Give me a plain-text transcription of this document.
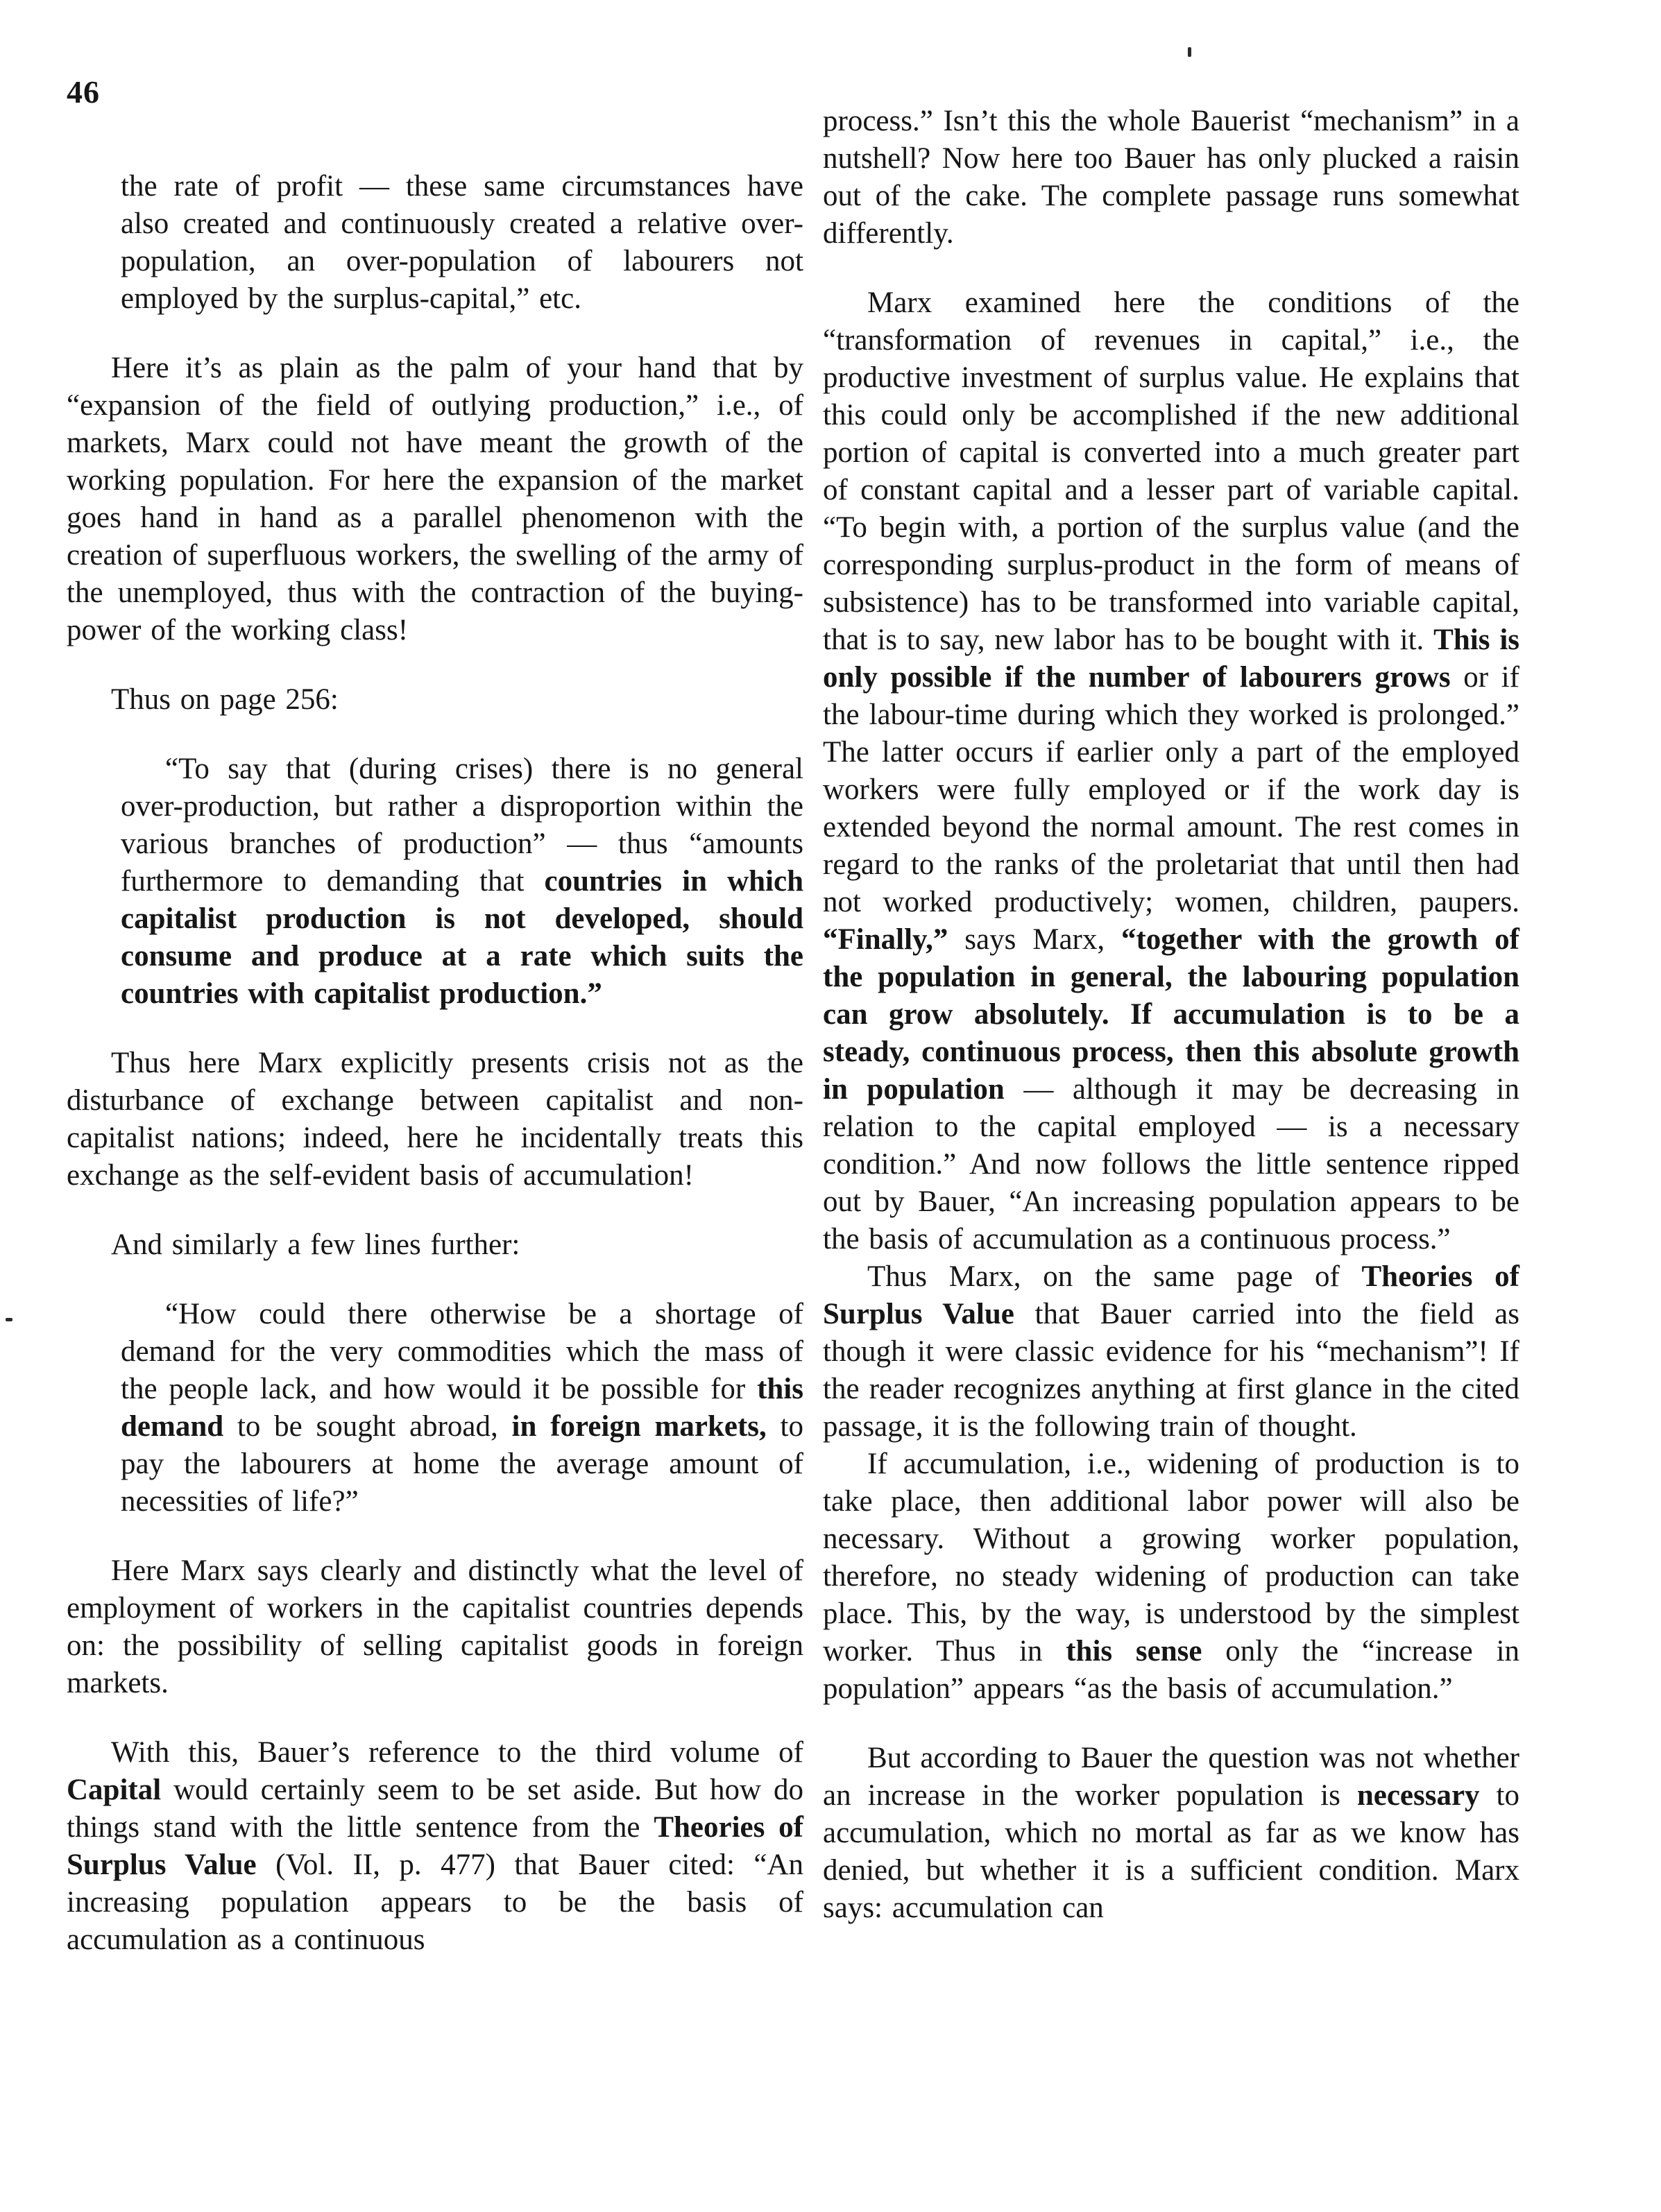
46
the rate of profit — these same circumstances have also created and continuously created a relative over-population, an over-population of labourers not employed by the surplus-capital,” etc.
Here it’s as plain as the palm of your hand that by “expansion of the field of outlying production,” i.e., of markets, Marx could not have meant the growth of the working population. For here the expansion of the market goes hand in hand as a parallel phenomenon with the creation of superfluous workers, the swelling of the army of the unemployed, thus with the contraction of the buying-power of the working class!
Thus on page 256:
“To say that (during crises) there is no general over-production, but rather a disproportion within the various branches of production” — thus “amounts furthermore to demanding that countries in which capitalist production is not developed, should consume and produce at a rate which suits the countries with capitalist production.”
Thus here Marx explicitly presents crisis not as the disturbance of exchange between capitalist and non-capitalist nations; indeed, here he incidentally treats this exchange as the self-evident basis of accumulation!
And similarly a few lines further:
“How could there otherwise be a shortage of demand for the very commodities which the mass of the people lack, and how would it be possible for this demand to be sought abroad, in foreign markets, to pay the labourers at home the average amount of necessities of life?”
Here Marx says clearly and distinctly what the level of employment of workers in the capitalist countries depends on: the possibility of selling capitalist goods in foreign markets.
With this, Bauer’s reference to the third volume of Capital would certainly seem to be set aside. But how do things stand with the little sentence from the Theories of Surplus Value (Vol. II, p. 477) that Bauer cited: “An increasing population appears to be the basis of accumulation as a continuous
process.” Isn’t this the whole Bauerist “mechanism” in a nutshell? Now here too Bauer has only plucked a raisin out of the cake. The complete passage runs somewhat differently.
Marx examined here the conditions of the “transformation of revenues in capital,” i.e., the productive investment of surplus value. He explains that this could only be accomplished if the new additional portion of capital is converted into a much greater part of constant capital and a lesser part of variable capital. “To begin with, a portion of the surplus value (and the corresponding surplus-product in the form of means of subsistence) has to be transformed into variable capital, that is to say, new labor has to be bought with it. This is only possible if the number of labourers grows or if the labour-time during which they worked is prolonged.” The latter occurs if earlier only a part of the employed workers were fully employed or if the work day is extended beyond the normal amount. The rest comes in regard to the ranks of the proletariat that until then had not worked productively; women, children, paupers. “Finally,” says Marx, “together with the growth of the population in general, the labouring population can grow absolutely. If accumulation is to be a steady, continuous process, then this absolute growth in population — although it may be decreasing in relation to the capital employed — is a necessary condition.” And now follows the little sentence ripped out by Bauer, “An increasing population appears to be the basis of accumulation as a continuous process.”
Thus Marx, on the same page of Theories of Surplus Value that Bauer carried into the field as though it were classic evidence for his “mechanism”! If the reader recognizes anything at first glance in the cited passage, it is the following train of thought.
If accumulation, i.e., widening of production is to take place, then additional labor power will also be necessary. Without a growing worker population, therefore, no steady widening of production can take place. This, by the way, is understood by the simplest worker. Thus in this sense only the “increase in population” appears “as the basis of accumulation.”
But according to Bauer the question was not whether an increase in the worker population is necessary to accumulation, which no mortal as far as we know has denied, but whether it is a sufficient condition. Marx says: accumulation can
